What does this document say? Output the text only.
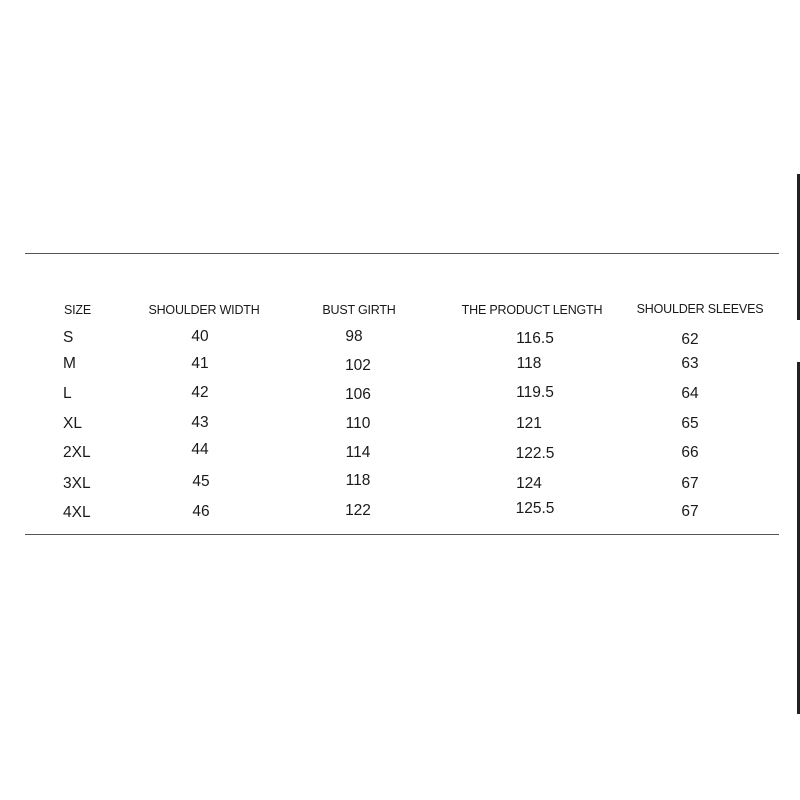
SIZE	SHOULDER WIDTH	BUST GIRTH	THE PRODUCT LENGTH	SHOULDER SLEEVES
S	40	98	116.5	62
M	41	102	118	63
L	42	106	119.5	64
XL	43	110	121	65
2XL	44	114	122.5	66
3XL	45	118	124	67
4XL	46	122	125.5	67
